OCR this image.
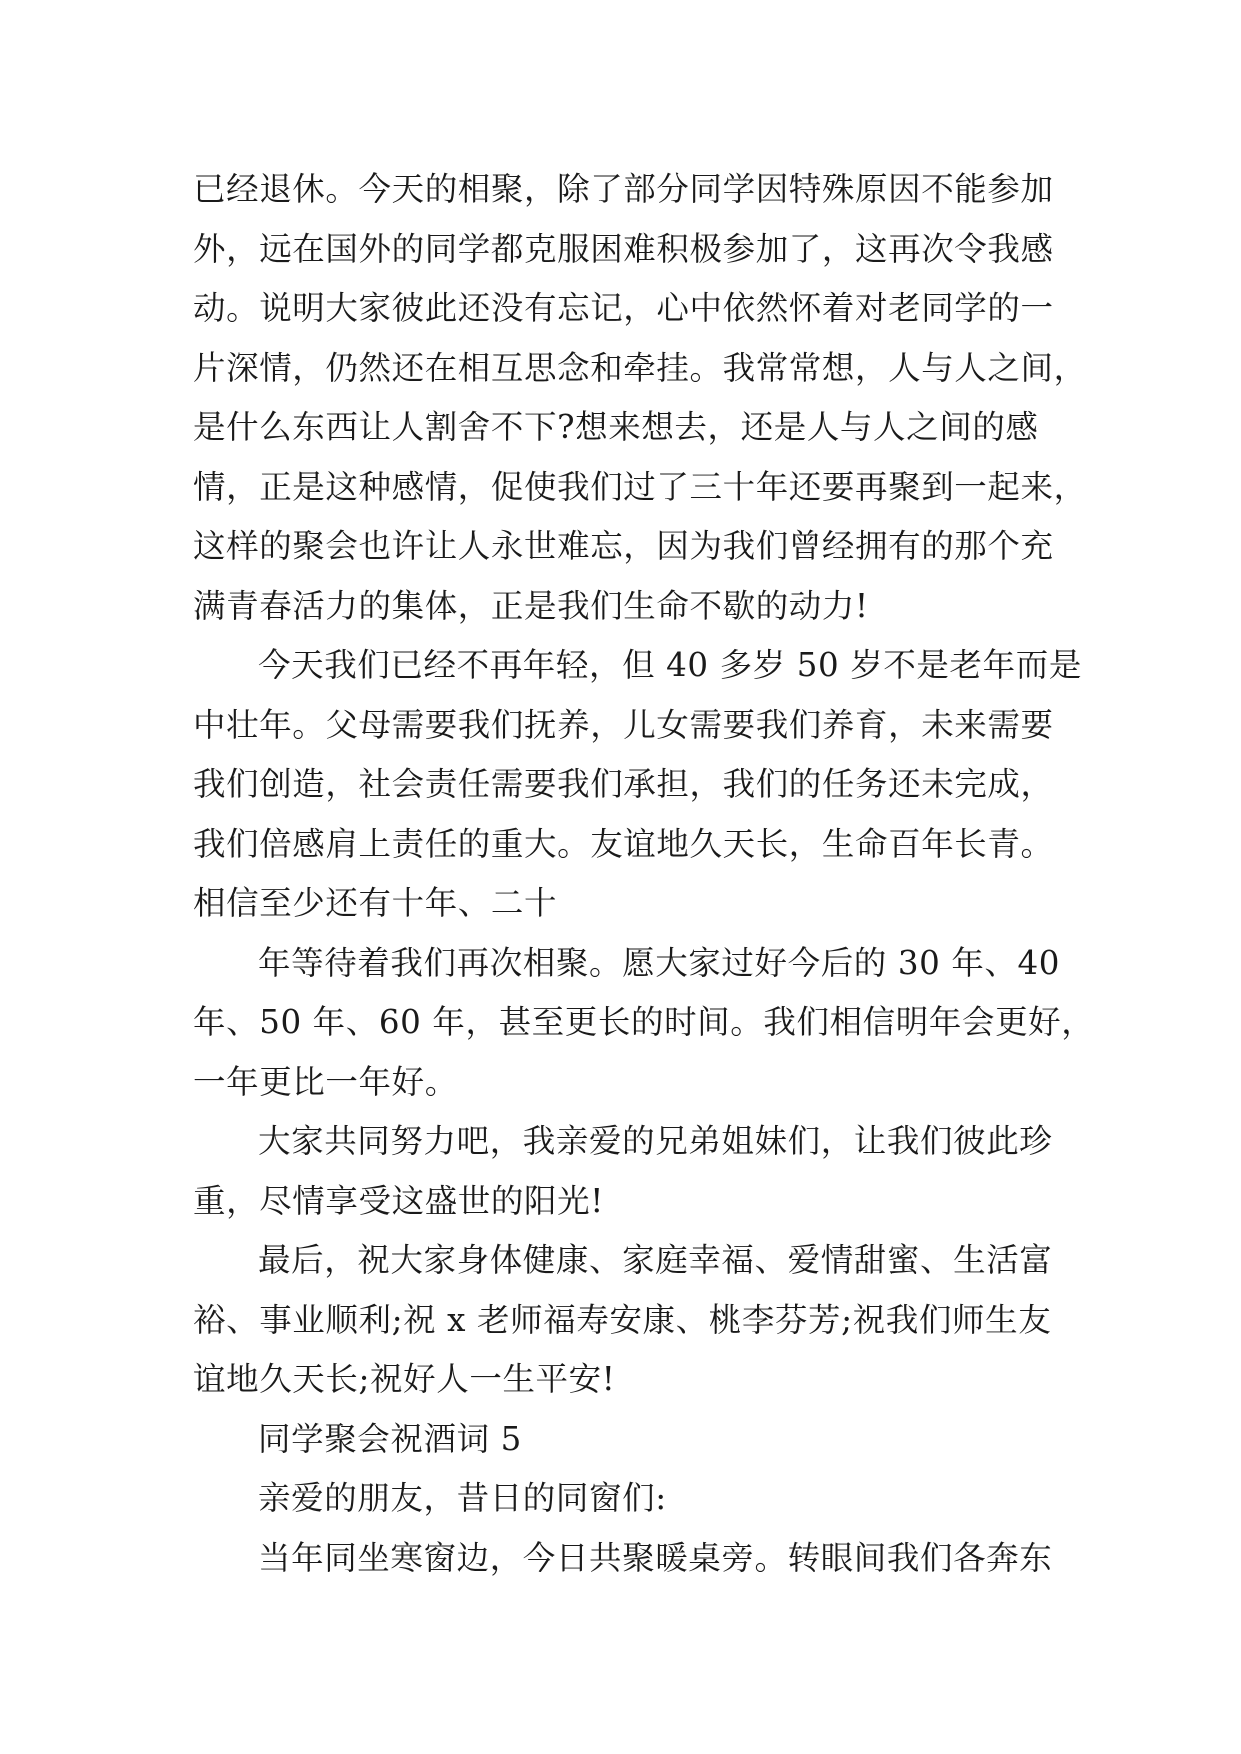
已经退休。今天的相聚，除了部分同学因特殊原因不能参加
外，远在国外的同学都克服困难积极参加了，这再次令我感
动。说明大家彼此还没有忘记，心中依然怀着对老同学的一
片深情，仍然还在相互思念和牵挂。我常常想，人与人之间，
是什么东西让人割舍不下?想来想去，还是人与人之间的感
情，正是这种感情，促使我们过了三十年还要再聚到一起来，
这样的聚会也许让人永世难忘，因为我们曾经拥有的那个充
满青春活力的集体，正是我们生命不歇的动力!
今天我们已经不再年轻，但 40 多岁 50 岁不是老年而是
中壮年。父母需要我们抚养，儿女需要我们养育，未来需要
我们创造，社会责任需要我们承担，我们的任务还未完成，
我们倍感肩上责任的重大。友谊地久天长，生命百年长青。
相信至少还有十年、二十
年等待着我们再次相聚。愿大家过好今后的 30 年、40
年、50 年、60 年，甚至更长的时间。我们相信明年会更好，
一年更比一年好。
大家共同努力吧，我亲爱的兄弟姐妹们，让我们彼此珍
重，尽情享受这盛世的阳光!
最后，祝大家身体健康、家庭幸福、爱情甜蜜、生活富
裕、事业顺利;祝 x 老师福寿安康、桃李芬芳;祝我们师生友
谊地久天长;祝好人一生平安!
同学聚会祝酒词 5
亲爱的朋友，昔日的同窗们:
当年同坐寒窗边，今日共聚暖桌旁。转眼间我们各奔东
